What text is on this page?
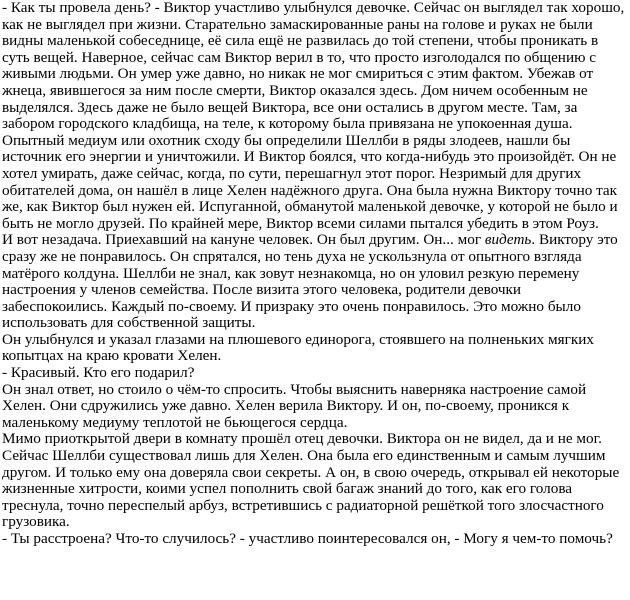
- Как ты провела день? - Виктор участливо улыбнулся девочке. Сейчас он выглядел так хорошо, как не выглядел при жизни. Старательно замаскированные раны на голове и руках не были видны маленькой собеседнице, её сила ещё не развилась до той степени, чтобы проникать в суть вещей. Наверное, сейчас сам Виктор верил в то, что просто изголодался по общению с живыми людьми. Он умер уже давно, но никак не мог смириться с этим фактом. Убежав от жнеца, явившегося за ним после смерти, Виктор оказался здесь. Дом ничем особенным не выделялся. Здесь даже не было вещей Виктора, все они остались в другом месте. Там, за забором городского кладбища, на теле, к которому была привязана не упокоенная душа.

Опытный медиум или охотник сходу бы определили Шеллби в ряды злодеев, нашли бы источник его энергии и уничтожили. И Виктор боялся, что когда-нибудь это произойдёт. Он не хотел умирать, даже сейчас, когда, по сути, перешагнул этот порог. Незримый для других обитателей дома, он нашёл в лице Хелен надёжного друга. Она была нужна Виктору точно так же, как Виктор был нужен ей. Испуганной, обманутой маленькой девочке, у которой не было и быть не могло друзей. По крайней мере, Виктор всеми силами пытался убедить в этом Роуз.

И вот незадача. Приехавший на кануне человек. Он был другим. Он... мог видеть. Виктору это сразу же не понравилось. Он спрятался, но тень духа не ускользнула от опытного взгляда матёрого колдуна. Шеллби не знал, как зовут незнакомца, но он уловил резкую перемену настроения у членов семейства. После визита этого человека, родители девочки забеспокоились. Каждый по-своему. И призраку это очень понравилось. Это можно было использовать для собственной защиты.

Он улыбнулся и указал глазами на плюшевого единорога, стоявшего на полненьких мягких копытцах на краю кровати Хелен.

- Красивый. Кто его подарил?

Он знал ответ, но стоило о чём-то спросить. Чтобы выяснить наверняка настроение самой Хелен. Они сдружились уже давно. Хелен верила Виктору. И он, по-своему, проникся к маленькому медиуму теплотой не бьющегося сердца.

Мимо приоткрытой двери в комнату прошёл отец девочки. Виктора он не видел, да и не мог. Сейчас Шеллби существовал лишь для Хелен. Она была его единственным и самым лучшим другом. И только ему она доверяла свои секреты. А он, в свою очередь, открывал ей некоторые жизненные хитрости, коими успел пополнить свой багаж знаний до того, как его голова треснула, точно переспелый арбуз, встретившись с радиаторной решёткой того злосчастного грузовика.

- Ты расстроена? Что-то случилось? - участливо поинтересовался он, - Могу я чем-то помочь?
